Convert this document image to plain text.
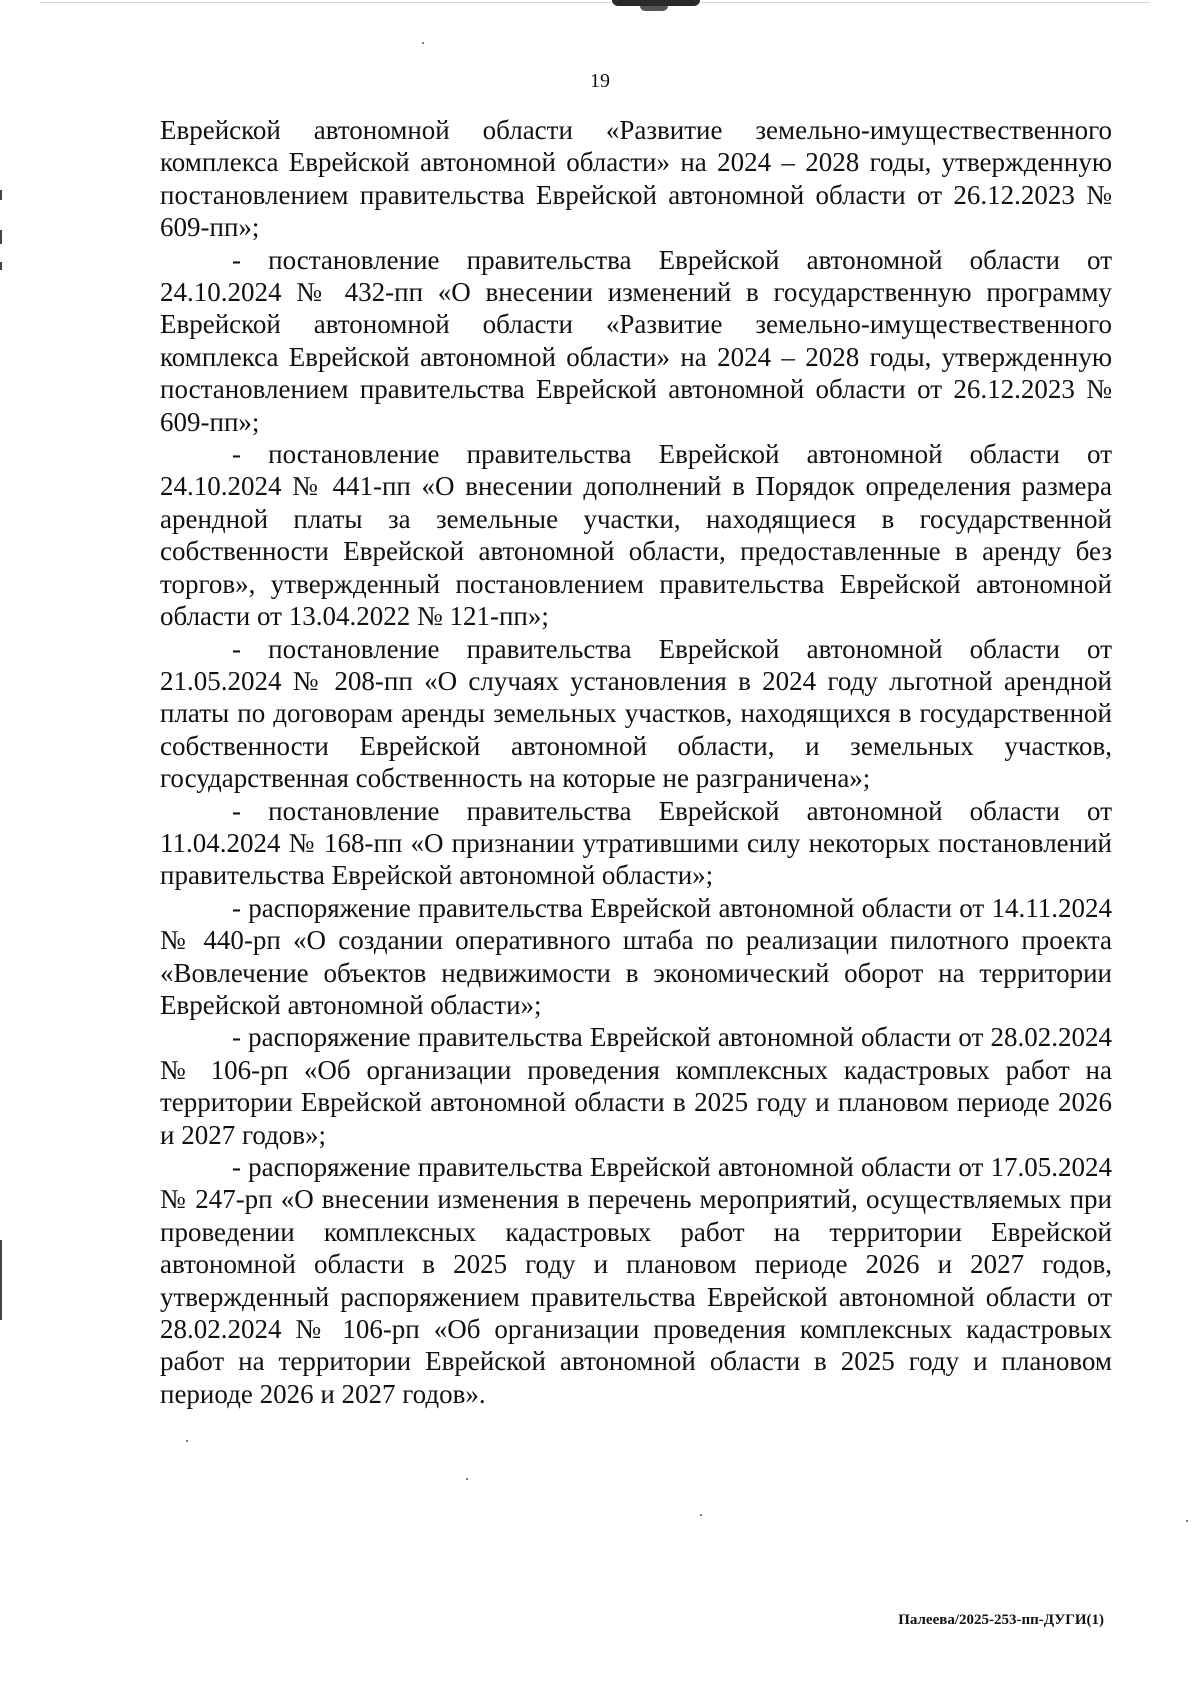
19

Еврейской автономной области «Развитие земельно-имуществественного комплекса Еврейской автономной области» на 2024 – 2028 годы, утвержденную постановлением правительства Еврейской автономной области от 26.12.2023 № 609-пп»;

- постановление правительства Еврейской автономной области от 24.10.2024 № 432-пп «О внесении изменений в государственную программу Еврейской автономной области «Развитие земельно-имуществественного комплекса Еврейской автономной области» на 2024 – 2028 годы, утвержденную постановлением правительства Еврейской автономной области от 26.12.2023 № 609-пп»;

- постановление правительства Еврейской автономной области от 24.10.2024 № 441-пп «О внесении дополнений в Порядок определения размера арендной платы за земельные участки, находящиеся в государственной собственности Еврейской автономной области, предоставленные в аренду без торгов», утвержденный постановлением правительства Еврейской автономной области от 13.04.2022 № 121-пп»;

- постановление правительства Еврейской автономной области от 21.05.2024 № 208-пп «О случаях установления в 2024 году льготной арендной платы по договорам аренды земельных участков, находящихся в государственной собственности Еврейской автономной области, и земельных участков, государственная собственность на которые не разграничена»;

- постановление правительства Еврейской автономной области от 11.04.2024 № 168-пп «О признании утратившими силу некоторых постановлений правительства Еврейской автономной области»;

- распоряжение правительства Еврейской автономной области от 14.11.2024 № 440-рп «О создании оперативного штаба по реализации пилотного проекта «Вовлечение объектов недвижимости в экономический оборот на территории Еврейской автономной области»;

- распоряжение правительства Еврейской автономной области от 28.02.2024 № 106-рп «Об организации проведения комплексных кадастровых работ на территории Еврейской автономной области в 2025 году и плановом периоде 2026 и 2027 годов»;

- распоряжение правительства Еврейской автономной области от 17.05.2024 № 247-рп «О внесении изменения в перечень мероприятий, осуществляемых при проведении комплексных кадастровых работ на территории Еврейской автономной области в 2025 году и плановом периоде 2026 и 2027 годов, утвержденный распоряжением правительства Еврейской автономной области от 28.02.2024 № 106-рп «Об организации проведения комплексных кадастровых работ на территории Еврейской автономной области в 2025 году и плановом периоде 2026 и 2027 годов».

Палеева/2025-253-пп-ДУГИ(1)
